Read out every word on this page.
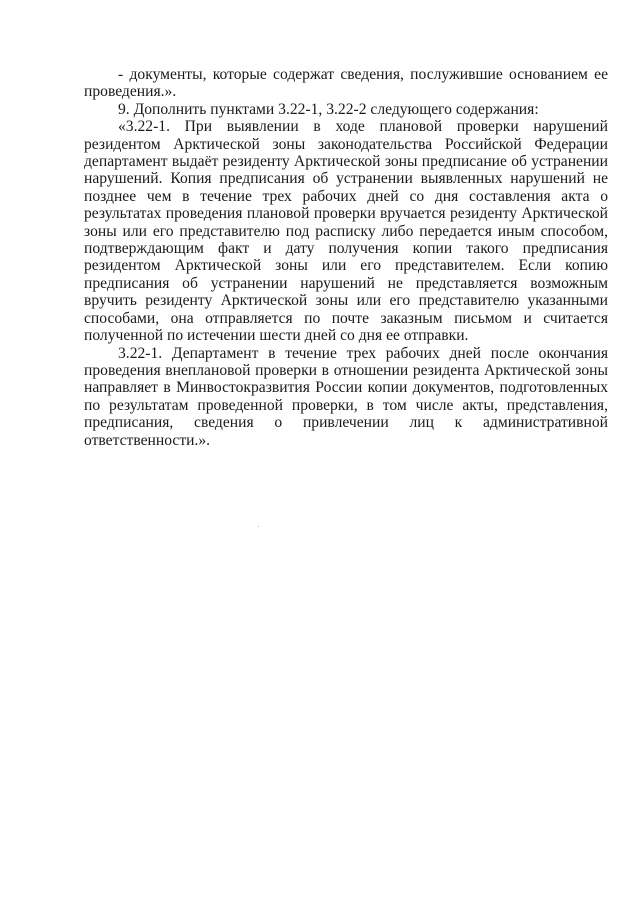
- документы, которые содержат сведения, послужившие основанием ее проведения.».

9. Дополнить пунктами 3.22-1, 3.22-2 следующего содержания:

«3.22-1. При выявлении в ходе плановой проверки нарушений резидентом Арктической зоны законодательства Российской Федерации департамент выдаёт резиденту Арктической зоны предписание об устранении нарушений. Копия предписания об устранении выявленных нарушений не позднее чем в течение трех рабочих дней со дня составления акта о результатах проведения плановой проверки вручается резиденту Арктической зоны или его представителю под расписку либо передается иным способом, подтверждающим факт и дату получения копии такого предписания резидентом Арктической зоны или его представителем. Если копию предписания об устранении нарушений не представляется возможным вручить резиденту Арктической зоны или его представителю указанными способами, она отправляется по почте заказным письмом и считается полученной по истечении шести дней со дня ее отправки.

3.22-1. Департамент в течение трех рабочих дней после окончания проведения внеплановой проверки в отношении резидента Арктической зоны направляет в Минвостокразвития России копии документов, подготовленных по результатам проведенной проверки, в том числе акты, представления, предписания, сведения о привлечении лиц к административной ответственности.».
